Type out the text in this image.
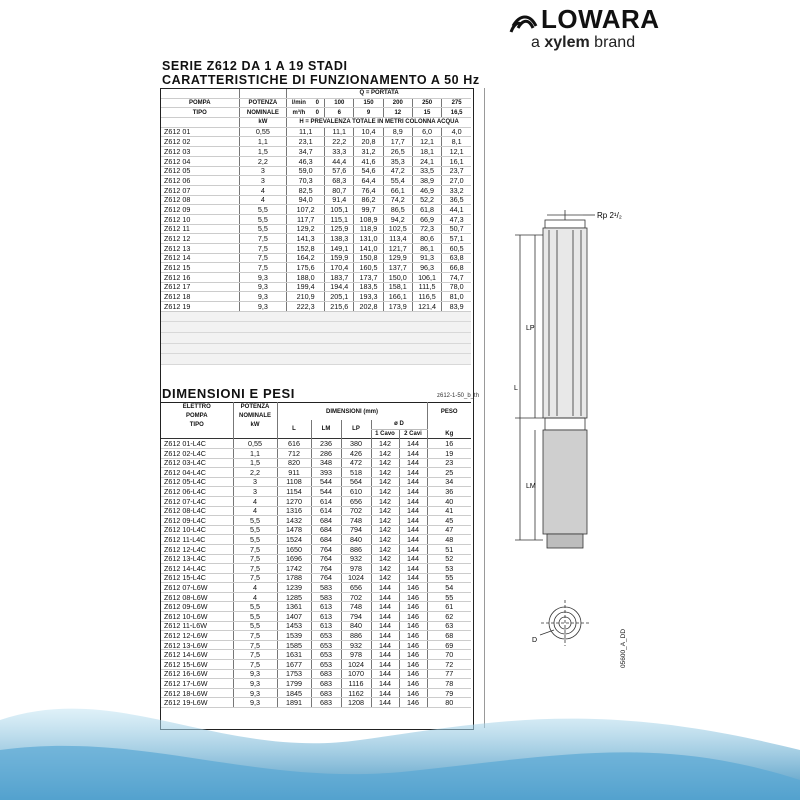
LOWARA
a xylem brand
SERIE Z612 DA 1 A 19 STADI
CARATTERISTICHE DI FUNZIONAMENTO A 50 Hz
		Q = PORTATA						
POMPA	POTENZA	l/min	0	100	150	200	250	275
TIPO	NOMINALE	m³/h	0	6	9	12	15	16,5
	kW	H = PREVALENZA TOTALE IN METRI COLONNA ACQUA						
Z612 01	0,55	11,1		11,1	10,4	8,9	6,0	4,0
Z612 02	1,1	23,1		22,2	20,8	17,7	12,1	8,1
Z612 03	1,5	34,7		33,3	31,2	26,5	18,1	12,1
Z612 04	2,2	46,3		44,4	41,6	35,3	24,1	16,1
Z612 05	3	59,0		57,6	54,6	47,2	33,5	23,7
Z612 06	3	70,3		68,3	64,4	55,4	38,9	27,0
Z612 07	4	82,5		80,7	76,4	66,1	46,9	33,2
Z612 08	4	94,0		91,4	86,2	74,2	52,2	36,5
Z612 09	5,5	107,2		105,1	99,7	86,5	61,8	44,1
Z612 10	5,5	117,7		115,1	108,9	94,2	66,9	47,3
Z612 11	5,5	129,2		125,9	118,9	102,5	72,3	50,7
Z612 12	7,5	141,3		138,3	131,0	113,4	80,6	57,1
Z612 13	7,5	152,8		149,1	141,0	121,7	86,1	60,5
Z612 14	7,5	164,2		159,9	150,8	129,9	91,3	63,8
Z612 15	7,5	175,6		170,4	160,5	137,7	96,3	66,8
Z612 16	9,3	188,0		183,7	173,7	150,0	106,1	74,7
Z612 17	9,3	199,4		194,4	183,5	158,1	111,5	78,0
Z612 18	9,3	210,9		205,1	193,3	166,1	116,5	81,0
Z612 19	9,3	222,3		215,6	202,8	173,9	121,4	83,9

DIMENSIONI E PESI	z612-1-50_b_th
ELETTRO	POTENZA	DIMENSIONI (mm)					PESO
POMPA	NOMINALE						
TIPO	kW	L	LM	LP	ø D		
					1 Cavo	2 Cavi	Kg
Z612 01-L4C	0,55	616	236	380	142	144	16
Z612 02-L4C	1,1	712	286	426	142	144	19
Z612 03-L4C	1,5	820	348	472	142	144	23
Z612 04-L4C	2,2	911	393	518	142	144	25
Z612 05-L4C	3	1108	544	564	142	144	34
Z612 06-L4C	3	1154	544	610	142	144	36
Z612 07-L4C	4	1270	614	656	142	144	40
Z612 08-L4C	4	1316	614	702	142	144	41
Z612 09-L4C	5,5	1432	684	748	142	144	45
Z612 10-L4C	5,5	1478	684	794	142	144	47
Z612 11-L4C	5,5	1524	684	840	142	144	48
Z612 12-L4C	7,5	1650	764	886	142	144	51
Z612 13-L4C	7,5	1696	764	932	142	144	52
Z612 14-L4C	7,5	1742	764	978	142	144	53
Z612 15-L4C	7,5	1788	764	1024	142	144	55
Z612 07-L6W	4	1239	583	656	144	146	54
Z612 08-L6W	4	1285	583	702	144	146	55
Z612 09-L6W	5,5	1361	613	748	144	146	61
Z612 10-L6W	5,5	1407	613	794	144	146	62
Z612 11-L6W	5,5	1453	613	840	144	146	63
Z612 12-L6W	7,5	1539	653	886	144	146	68
Z612 13-L6W	7,5	1585	653	932	144	146	69
Z612 14-L6W	7,5	1631	653	978	144	146	70
Z612 15-L6W	7,5	1677	653	1024	144	146	72
Z612 16-L6W	9,3	1753	683	1070	144	146	77
Z612 17-L6W	9,3	1799	683	1116	144	146	78
Z612 18-L6W	9,3	1845	683	1162	144	146	79
Z612 19-L6W	9,3	1891	683	1208	144	146	80
Rp 2¹/₂
LP
L
LM
D	05600_A_DD
